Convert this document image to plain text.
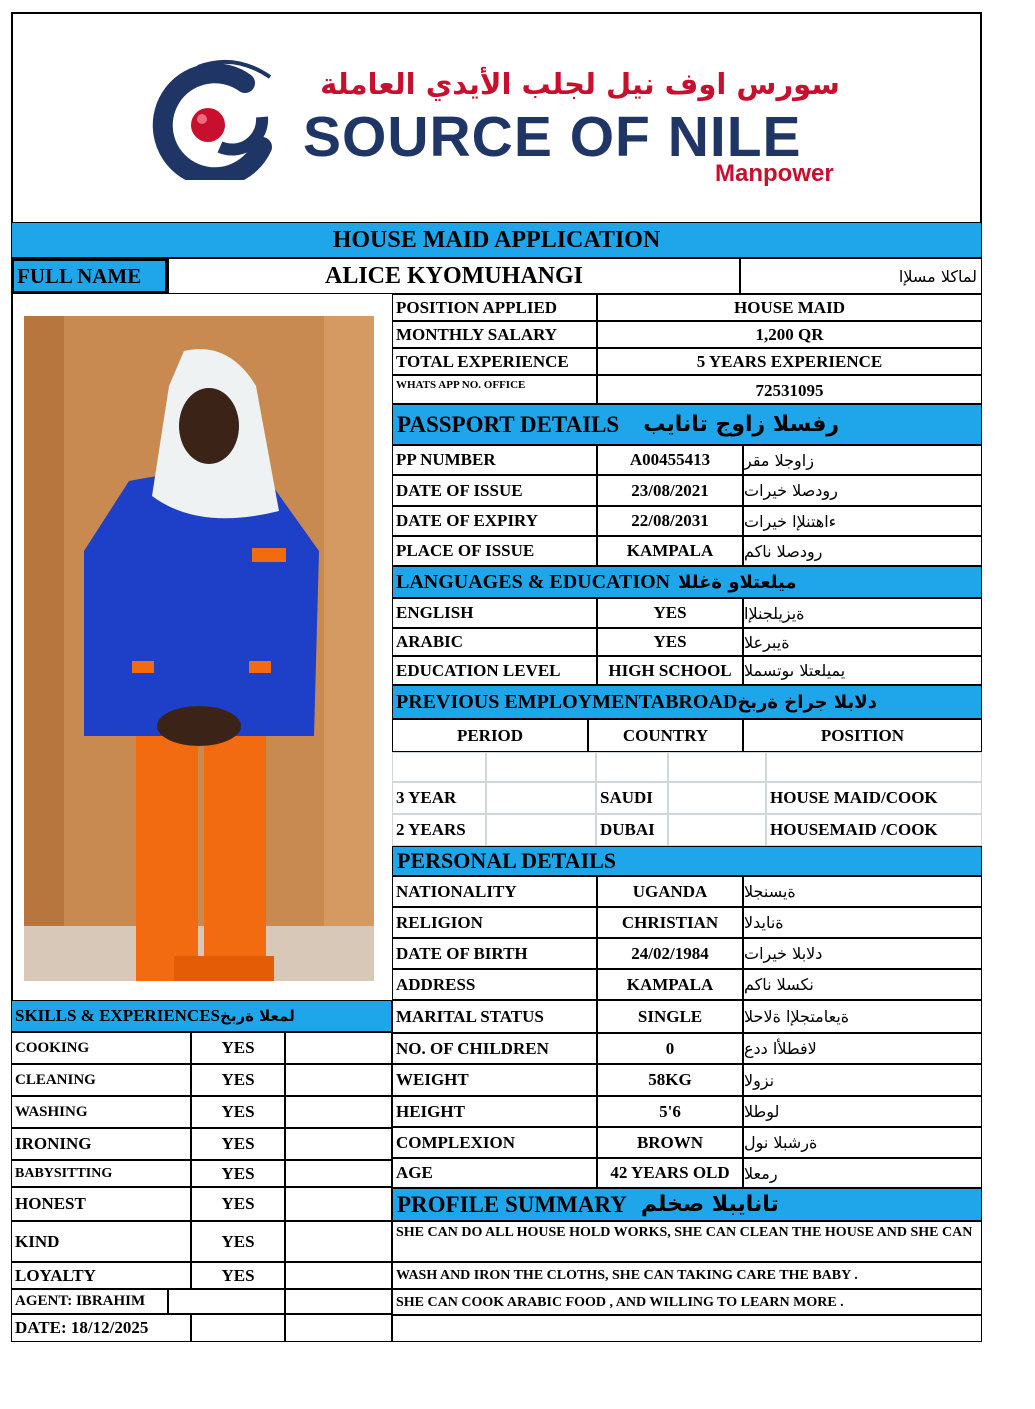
سورس اوف نيل لجلب الأيدي العاملة
SOURCE OF NILE
Manpower
HOUSE MAID APPLICATION
FULL NAME	ALICE KYOMUHANGI	لماكلا مسلإا
POSITION APPLIED	HOUSE MAID
MONTHLY SALARY	1,200 QR
TOTAL EXPERIENCE	5 YEARS EXPERIENCE
WHATS APP NO. OFFICE	72531095
PASSPORT DETAILS رفسلا زاوج تانايب
PP NUMBER	A00455413	زاوجلا مقر
DATE OF ISSUE	23/08/2021	رودصلا خيرات
DATE OF EXPIRY	22/08/2031	ءاهتنلإا خيرات
PLACE OF ISSUE	KAMPALA	رودصلا ناكم
LANGUAGES & EDUCATION ميلعتلاو ةغللا
ENGLISH	YES	ةيزيلجنلإا
ARABIC	YES	ةيبرعلا
EDUCATION LEVEL	HIGH SCHOOL يميلعتلا ىوتسملا
PREVIOUS EMPLOYMENTABROAD دلابلا جراخ ةربخ
PERIOD	COUNTRY	POSITION
3 YEAR	SAUDI	HOUSE MAID/COOK
2 YEARS	DUBAI	HOUSEMAID /COOK
PERSONAL DETAILS
NATIONALITY	UGANDA	ةيسنجلا
RELIGION	CHRISTIAN	ةنايدلا
DATE OF BIRTH	24/02/1984	دلابلا خيرات
ADDRESS	KAMPALA	نكسلا ناكم
MARITAL STATUS	SINGLE	ةيعامتجلإا ةلاحلا
NO. OF CHILDREN	0	لافطلأا ددع
WEIGHT	58KG	نزولا
HEIGHT	5'6	لوطلا
COMPLEXION	BROWN	ةرشبلا نول
AGE	42 YEARS OLD رمعلا
SKILLS & EXPERIENCES لمعلا ةربخ
COOKING	YES
CLEANING	YES
WASHING	YES
IRONING	YES
BABYSITTING	YES
HONEST	YES
KIND	YES
LOYALTY	YES
AGENT: IBRAHIM
DATE: 18/12/2025
PROFILE SUMMARY تانايبلا صخلم
SHE CAN DO ALL HOUSE HOLD WORKS, SHE CAN CLEAN THE HOUSE AND SHE CAN
WASH AND IRON THE CLOTHS, SHE CAN TAKING CARE THE BABY .
SHE CAN COOK ARABIC FOOD , AND WILLING TO LEARN MORE .
